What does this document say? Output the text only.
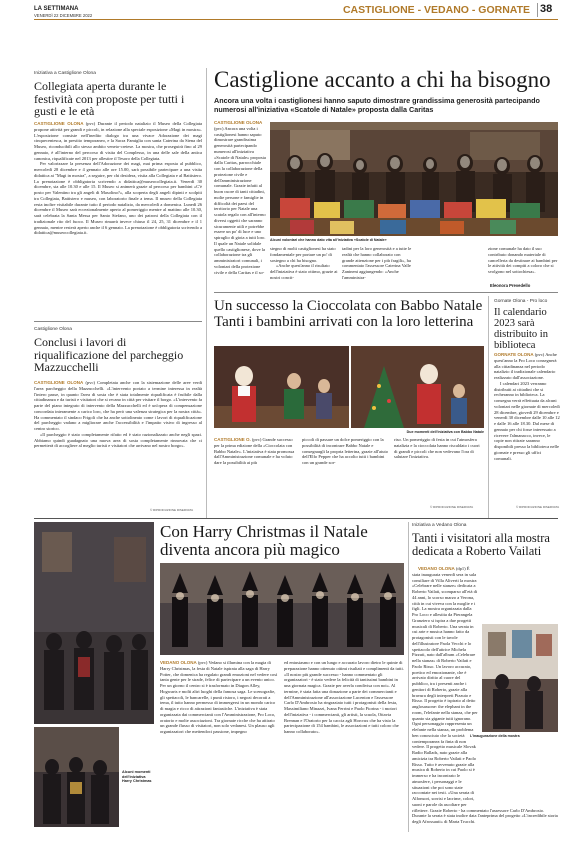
LA SETTIMANA
VENERDÌ 22 DICEMBRE 2022	CASTIGLIONE - VEDANO - GORNATE 38
Iniziativa a Castiglione Olona
Collegiata aperta durante le festività con proposte per tutti i gusti e le età

CASTIGLIONE OLONA (pvc) Durante il periodo natalizio il Museo della Collegiata propone attività per grandi e piccoli, in relazione alla speciale esposizione «Magi in mostra». L'esposizione consiste nell'inedito dialogo tra una vivace Adorazione dei magi cinquecentesca, in prestito temporaneo, e la Sacra Famiglia con santa Caterina da Siena del Museo, riconducibili allo stesso ambito veneto-cretese. La mostra, che proseguirà fino al 29 gennaio, è all'interno del percorso di visita del Complesso, in una delle sale della antica canonica, riqualificate nel 2013 per allestire il Tesoro della Collegiata.

Per valorizzare la presenza dell'Adorazione dei magi, mai prima esposta al pubblico, mercoledì 28 dicembre e 4 gennaio alle ore 15.00, sarà possibile partecipare a una visita didattica ai "Magi in mostra", a seguire, per chi desidera, visita alla Collegiata e al Battistero. La prenotazione è obbligatoria scrivendo a didattica@museocollegiata.it. Venerdì 30 dicembre, sia alle 10.30 e alle 15. Il Museo si animerà grazie al percorso per bambini «C'è posto per Valentino tra gli angeli di Masolino?», alla scoperta degli angeli dipinti e scolpiti tra Collegiata, Battistero e museo, con laboratorio finale a tema. Il museo della Collegiata resta inoltre visitabile durante tutto il periodo natalizio, da mercoledì a domenica. Lunedì 26 dicembre il Museo sarà eccezionalmente aperto al pomeriggio mentre al mattino alle 10.30, sarà celebrata la Santa Messa per Santo Stefano, uno dei patroni della Collegiata con il tradizionale rito del fuoco. Il Museo rimarrà invece chiuso il 24, 25, 31 dicembre e il 1 gennaio, mentre resterà aperto anche il 6 gennaio. La prenotazione è obbligatoria scrivendo a didattica@museocollegiata.it.

Castiglione Olona
Conclusi i lavori di riqualificazione del parcheggio Mazzucchelli

CASTIGLIONE OLONA (pvc) Completata anche con la sistemazione delle aree verdi l'area parcheggio della Mazzucchelli. «L'intervento portato a termine interessa in realtà l'intero passe, in quanto l'area di sosta che è stata totalmente riqualificata è fruibile dalla cittadinanza e da turisti e visitatori che si recano in città per visitare il borgo. «L'intervento fa parte del piano integrato di intervento della Mazzucchelli ed è un'opera di compensazione concordata interamente a carico loro, che ha però una valenza strategica per la nostra città». Ha commentato il sindaco Frigoli che ha anche sottolineato come i lavori di riqualificazione del parcheggio vadano a migliorare anche l'accessibilità e l'impatto visivo di ingresso al centro storico.

«Il parcheggio è stato completamente rifatto ed è stato razionalizzato anche negli spazi. Abbiamo quindi guadagnato una nuova area di sosta completamente rinnovata che ci permetterà di accogliere al meglio turisti e visitatori che arrivano nel nostro borgo».

© RIPRODUZIONE RISERVATA
Castiglione accanto a chi ha bisogno
Ancora una volta i castiglionesi hanno saputo dimostrare grandissima generosità partecipando numerosi all'iniziativa «Scatole di Natale» proposta dalla Caritas

CASTIGLIONE OLONA (pvc) Ancora una volta i castiglionesi hanno saputo dimostrare grandissima generosità partecipando numerosi all'iniziativa «Scatole di Natale» proposta dalla Caritas, parrocchiale con la collaborazione della protezione civile e dell'amministrazione comunale. Grazie infatti al buon cuore di tanti cittadini, molte persone e famiglie in difficoltà dei paesi del territorio per Natale una scatola regalo con all'interno diversi oggetti che saranno sicuramente utili e potrebbe essere un po' di luce e uno spiraglio di gioia a tutti loro. Il quale un Natale solidale quello castiglionese, dove la collaborazione tra gli amministratori comunali, i volontari della protezione civile e della Caritas e il so-

Alcuni volontari che hanno dato vita all'iniziativa «Scatole di Natale»

stegno di molti castiglionesi ha stato fondamentale per portare un po' di sostegno a chi ha bisogno.

«Anche quest'anno il risultato dell'iniziativa è stato ottimo, grazie ai nostri concit-

tadini per la loro generosità e a tutte le realtà che hanno collaborato con grande attenzione per i più fragili», ha commentato l'assessore Caterina Valle Zanineni aggiungendo: «Anche l'amministra-

zione comunale ha dato il suo contributo donando materiale di cancelleria da destinare ai bambini per le attività dei compiti a coloro che si svolgono nel sottochiesa».

Eleonora Prevedello
Un successo la Cioccolata con Babbo Natale Tanti i bambini arrivati con la loro letterina
Due momenti dell'iniziativa con Babbo Natale

CASTIGLIONE O. (pvc) Grande successo per la prima edizione della «Cioccolata con Babbo Natale». L'iniziativa è stata promossa dall'Amministrazione comunale e ha voluto dare la possibilità ai più

piccoli di passare un dolce pomeriggio con la possibilità di incontrare Babbo Natale e consegnargli la propria letterina, grazie all'aiuto dell'Elfo Pepper che ha accolto tutti i bambini con un grande sor-

riso. Un pomeriggio di festa in cui l'atmosfera natalizia e la cioccolata hanno riscaldato i cuori di grandi e piccoli che non vedevano l'ora di salutare l'iniziativa.

© RIPRODUZIONE RISERVATA
Gornate Olona - Pro loco
Il calendario 2023 sarà distribuito in biblioteca

GORNATE OLONA (pvc) Anche quest'anno la Pro Loco consegnerà alla cittadinanza nel periodo natalizio il tradizionale calendario realizzato dall'associazione.

I calendari 2023 verranno distribuiti ai cittadini che si recheranno in biblioteca. La consegna verrà effettuata da alcuni volontari nelle giornate di mercoledì 28 dicembre, giovedì 29 dicembre e venerdì 30 dicembre dalle 10 alle 12 e dalle 16 alle 18.30. Dal mese di gennaio per chi fosse interessato a ricevere l'almanacco, invece, le copie non ritirate saranno disponibili presso la biblioteca nelle giornate e presso gli uffici comunali.

© RIPRODUZIONE RISERVATA
Alcuni momenti dell'iniziativa Harry Christmas
Con Harry Christmas il Natale diventa ancora più magico

VEDANO OLONA (pvc) Vedano si illumina con la magia di Harry Christmas, la festa di Natale ispirata alla saga di Harry Potter, che domenica ha regalato grandi emozioni nel vedere così tanta gente per le strade, felice di partecipare a un evento unico. Per un giorno il centro si è trasformato in Diagon Alley, Hogwarts e molti altri luoghi della famosa saga. Le scenografie, gli spettacoli, le bancarelle, i punti ristoro, i negozi decorati a tema, il tutto hanno permesso di immergersi in un mondo carico di magia e ricco di attrazioni fantastiche. L'iniziativa è stata organizzata dai commercianti con l'Amministrazione, Pro Loco, oratorio e molte associazioni. Tra giornate ricche che ha attirato un grande flusso di visitatori, non solo vedanesi. Un plauso agli organizzatori che mettendoci passione, impegno

ed entusiasmo e con un lungo e accurato lavoro dietro le quinte di preparazione hanno ottenuto ottimi risultati e complimenti da tutti. «Il nostro più grande successo - hanno commentato gli organizzatori - è stato vedere la felicità di tantissimi bambini in una giornata magica. Grazie per averla condivisa con noi». Al termine, è stata fatta una donazione a parte dei commercianti e dell'Amministrazione all'associazione Lucenton e l'assessore Carlo D'Ambrosio ha ringraziato tutti i protagonisti della festa, Massimiliano Minazzi, Ivana Ferrini e Paolo Fiorina - i motori dell'iniziativa - i commercianti, gli artisti, la scuola, Ottavia Brennan e l'Oratorio per la caccia agli Horcrux che ha visto la partecipazione di 154 bambini, le associazioni e tutti coloro che hanno collaborato».

Iniziativa a Vedano Olona
Tanti i visitatori alla mostra dedicata a Roberto Vailati
L'inaugurazione della mostra

VEDANO OLONA (dp1) È stata inaugurata venerdì sera in sala consiliare di Villa Aliverti la mostra «Celebrare nelle stanze» dedicata a Roberto Vailati, scomparso all'età di 44 anni, lo scorso marzo a Verona, città in cui viveva con la moglie e i figli. La mostra organizzata dalla Pro Loco e allestita da Pierangela Granziero si ispira a due progetti musicali di Roberto. Una serata in cui arte e musica hanno fatto da protagonisti con le tavole dell'illustratore Paola Vecchi e lo spettacolo dell'attrice Michela Pizzuti, nato dall'album «Celebrare nella stanza» di Roberto Vailati e Paolo Risso. Un lavoro accurato, poetico ed emozionante, che è arrivato diritto al cuore del pubblico, tra i presenti anche i genitori di Roberto, grazie alla bravura degli interpreti Pizzuto e Risso. Il progetto è ispirato al detto anglosassone: the elephant in the room, l'elefante nella stanza, che per quanto sia gigante tutti ignorano. Ogni personaggio rappresenta un elefante nella stanza, un problema ben conosciuto che la società contemporanea fa finta di non vedere. Il progetto musicale Slovak Radio Ballads, nato grazie alla amicizia tra Roberto Vailati e Paolo Risso. Tutto è avvenuto grazie alla musica di Roberto in cui Paolo si è immerso e ha incontrato le atmosfere, i personaggi e le situazioni che poi sono state raccontate nei testi. «Una serata di Alfonsori, sorrisi e lacrime, colori, suoni e parole da ascoltare per riflettere. Grazie Roberto - ha commentato l'assessore Carlo D'Ambrosio. Durante la serata è stata inoltre data l'anteprima del progetto «L'incredibile storia degli Afrossauti» di Marta Trucchi.
